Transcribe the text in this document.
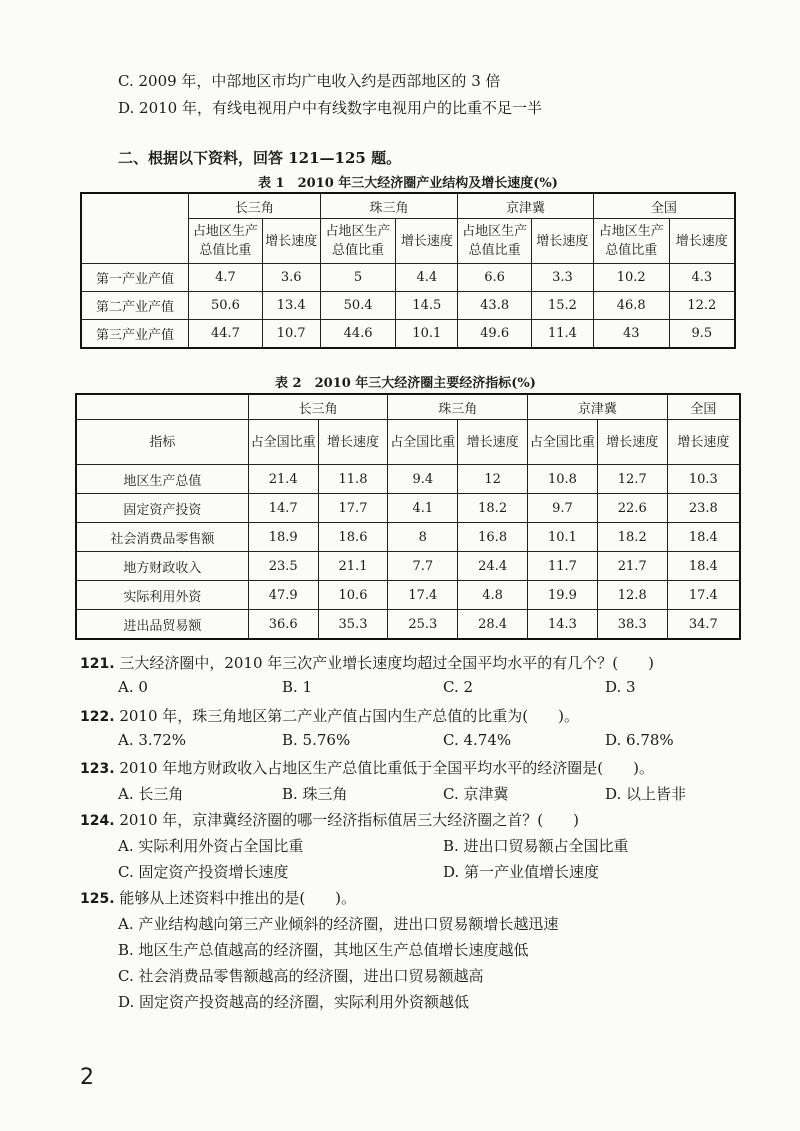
C. 2009 年，中部地区市均广电收入约是西部地区的 3 倍
D. 2010 年，有线电视用户中有线数字电视用户的比重不足一半
二、根据以下资料，回答 121—125 题。
表 1　2010 年三大经济圈产业结构及增长速度(%)
	长三角		珠三角		京津冀		全国	
	占地区生产总值比重	增长速度	占地区生产总值比重	增长速度	占地区生产总值比重	增长速度	占地区生产总值比重	增长速度
第一产业产值	4.7	3.6	5	4.4	6.6	3.3	10.2	4.3
第二产业产值	50.6	13.4	50.4	14.5	43.8	15.2	46.8	12.2
第三产业产值	44.7	10.7	44.6	10.1	49.6	11.4	43	9.5
表 2　2010 年三大经济圈主要经济指标(%)
	长三角		珠三角		京津冀		全国
指标	占全国比重	增长速度	占全国比重	增长速度	占全国比重	增长速度	增长速度
地区生产总值	21.4	11.8	9.4	12	10.8	12.7	10.3
固定资产投资	14.7	17.7	4.1	18.2	9.7	22.6	23.8
社会消费品零售额	18.9	18.6	8	16.8	10.1	18.2	18.4
地方财政收入	23.5	21.1	7.7	24.4	11.7	21.7	18.4
实际利用外资	47.9	10.6	17.4	4.8	19.9	12.8	17.4
进出品贸易额	36.6	35.3	25.3	28.4	14.3	38.3	34.7
121. 三大经济圈中，2010 年三次产业增长速度均超过全国平均水平的有几个？(　　)
A. 0	B. 1	C. 2	D. 3
122. 2010 年，珠三角地区第二产业产值占国内生产总值的比重为(　　)。
A. 3.72%	B. 5.76%	C. 4.74%	D. 6.78%
123. 2010 年地方财政收入占地区生产总值比重低于全国平均水平的经济圈是(　　)。
A. 长三角	B. 珠三角	C. 京津冀	D. 以上皆非
124. 2010 年，京津冀经济圈的哪一经济指标值居三大经济圈之首？(　　)
A. 实际利用外资占全国比重	B. 进出口贸易额占全国比重
C. 固定资产投资增长速度	D. 第一产业值增长速度
125. 能够从上述资料中推出的是(　　)。
A. 产业结构越向第三产业倾斜的经济圈，进出口贸易额增长越迅速
B. 地区生产总值越高的经济圈，其地区生产总值增长速度越低
C. 社会消费品零售额越高的经济圈，进出口贸易额越高
D. 固定资产投资越高的经济圈，实际利用外资额越低
2
